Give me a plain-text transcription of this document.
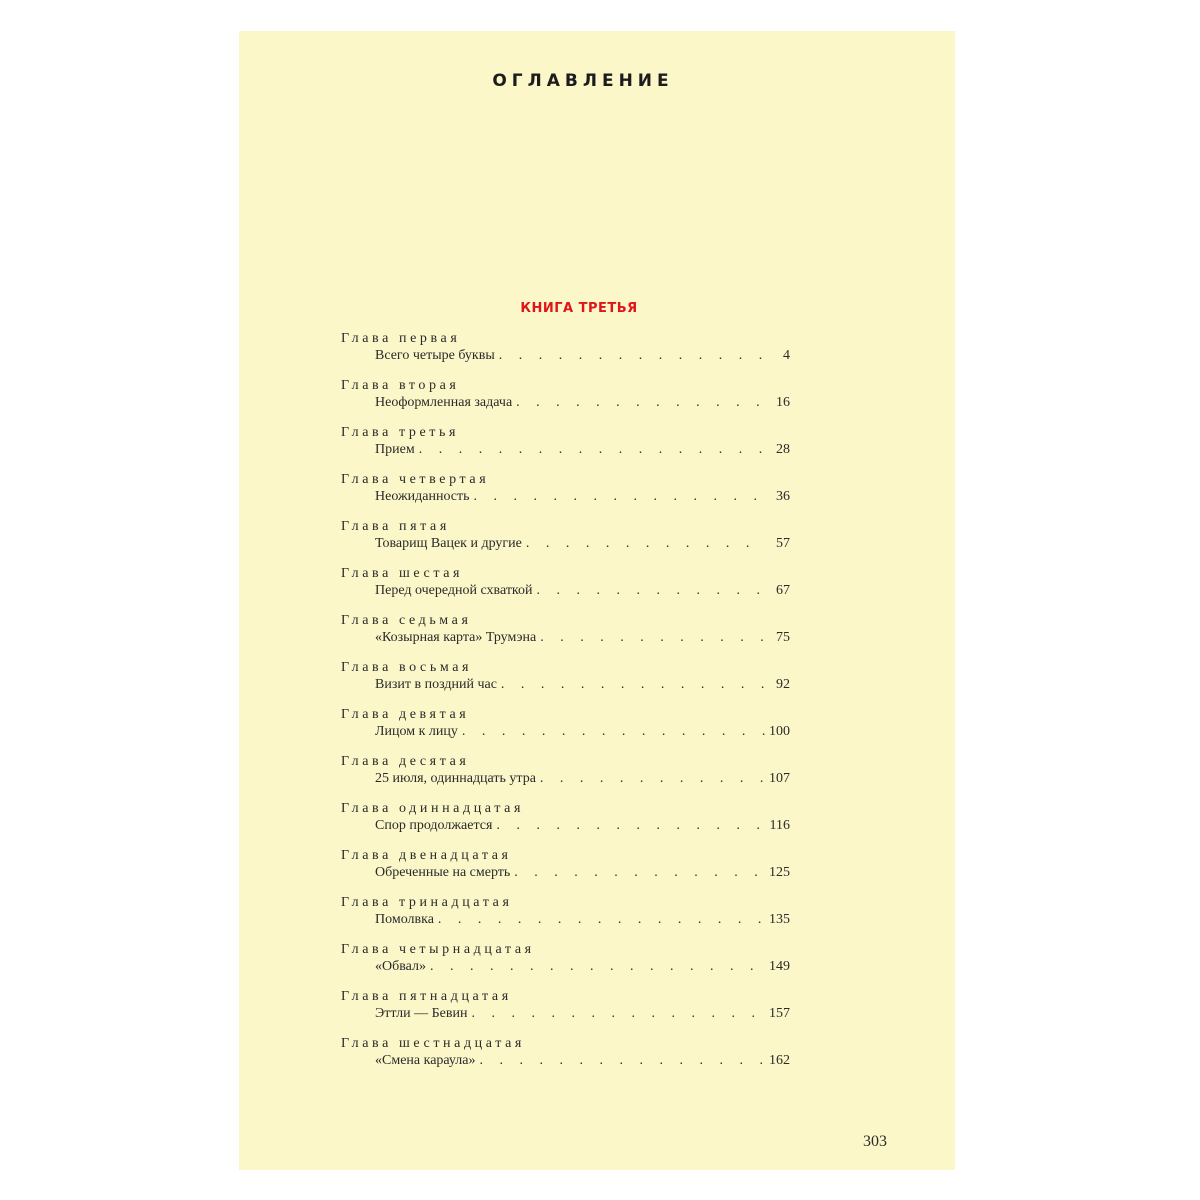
ОГЛАВЛЕНИЕ
КНИГА ТРЕТЬЯ
Глава первая
Всего четыре буквы . . .	4
Глава вторая
Неоформленная задача . . .	16
Глава третья
Прием . . .	28
Глава четвертая
Неожиданность . . .	36
Глава пятая
Товарищ Вацек и другие . . .	57
Глава шестая
Перед очередной схваткой . . .	67
Глава седьмая
«Козырная карта» Трумэна . . .	75
Глава восьмая
Визит в поздний час . . .	92
Глава девятая
Лицом к лицу . . .	100
Глава десятая
25 июля, одиннадцать утра . . .	107
Глава одиннадцатая
Спор продолжается . . .	116
Глава двенадцатая
Обреченные на смерть . . .	125
Глава тринадцатая
Помолвка . . .	135
Глава четырнадцатая
«Обвал» . . .	149
Глава пятнадцатая
Эттли — Бевин . . .	157
Глава шестнадцатая
«Смена караула» . . .	162
303
